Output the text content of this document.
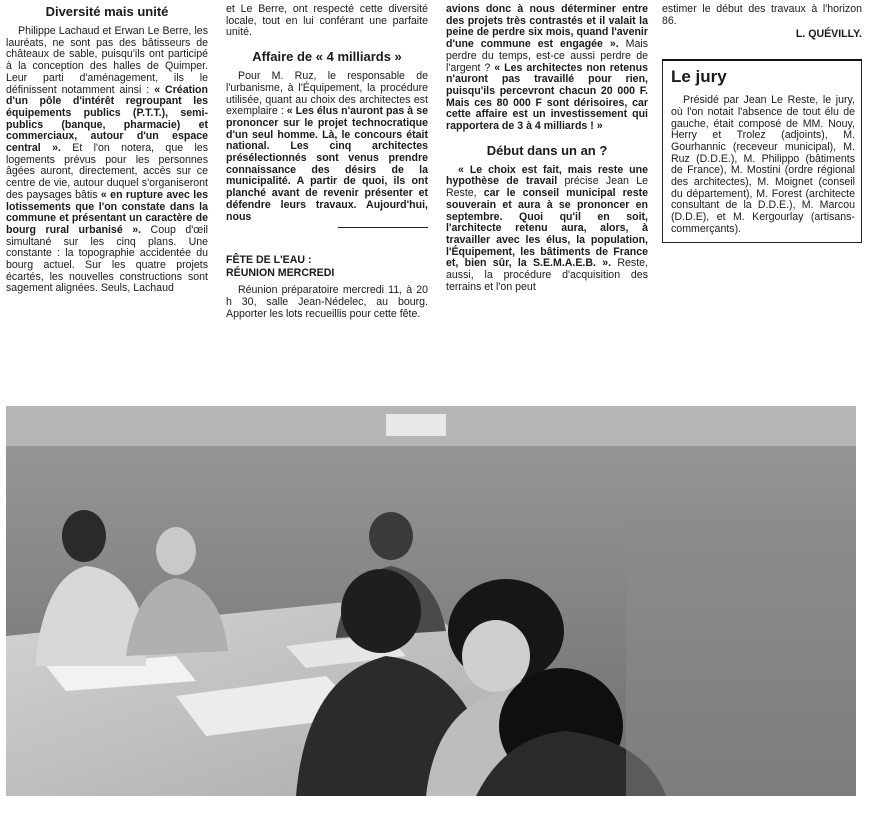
Diversité mais unité

Philippe Lachaud et Erwan Le Berre, les lauréats, ne sont pas des bâtisseurs de châteaux de sable, puisqu'ils ont participé à la conception des halles de Quimper. Leur parti d'aménagement, ils le définissent notamment ainsi : « Création d'un pôle d'intérêt regroupant les équipements publics (P.T.T.), semi-publics (banque, pharmacie) et commerciaux, autour d'un espace central ». Et l'on notera, que les logements prévus pour les personnes âgées auront, directement, accès sur ce centre de vie, autour duquel s'organiseront des paysages bâtis « en rupture avec les lotissements que l'on constate dans la commune et présentant un caractère de bourg rural urbanisé ». Coup d'œil simultané sur les cinq plans. Une constante : la topographie accidentée du bourg actuel. Sur les quatre projets écartés, les nouvelles constructions sont sagement alignées. Seuls, Lachaud

et Le Berre, ont respecté cette diversité locale, tout en lui conférant une parfaite unité.

Affaire de « 4 milliards »

Pour M. Ruz, le responsable de l'urbanisme, à l'Équipement, la procédure utilisée, quant au choix des architectes est exemplaire : « Les élus n'auront pas à se prononcer sur le projet technocratique d'un seul homme. Là, le concours était national. Les cinq architectes présélectionnés sont venus prendre connaissance des désirs de la municipalité. A partir de quoi, ils ont planché avant de revenir présenter et défendre leurs travaux. Aujourd'hui, nous

FÊTE DE L'EAU :
RÉUNION MERCREDI

Réunion préparatoire mercredi 11, à 20 h 30, salle Jean-Nédelec, au bourg. Apporter les lots recueillis pour cette fête.

avions donc à nous déterminer entre des projets très contrastés et il valait la peine de perdre six mois, quand l'avenir d'une commune est engagée ». Mais perdre du temps, est-ce aussi perdre de l'argent ? « Les architectes non retenus n'auront pas travaillé pour rien, puisqu'ils percevront chacun 20 000 F. Mais ces 80 000 F sont dérisoires, car cette affaire est un investissement qui rapportera de 3 à 4 milliards ! »

Début dans un an ?

« Le choix est fait, mais reste une hypothèse de travail précise Jean Le Reste, car le conseil municipal reste souverain et aura à se prononcer en septembre. Quoi qu'il en soit, l'architecte retenu aura, alors, à travailler avec les élus, la population, l'Équipement, les bâtiments de France et, bien sûr, la S.E.M.A.E.B. ». Reste, aussi, la procédure d'acquisition des terrains et l'on peut

estimer le début des travaux à l'horizon 86.

L. QUÉVILLY.
Le jury

Présidé par Jean Le Reste, le jury, où l'on notait l'absence de tout élu de gauche, était composé de MM. Nouy, Herry et Trolez (adjoints), M. Gourhannic (receveur municipal), M. Ruz (D.D.E.), M. Philippo (bâtiments de France), M. Mostini (ordre régional des architectes), M. Moignet (conseil du département), M. Forest (architecte consultant de la D.D.E.), M. Marcou (D.D.E), et M. Kergourlay (artisans-commerçants).
